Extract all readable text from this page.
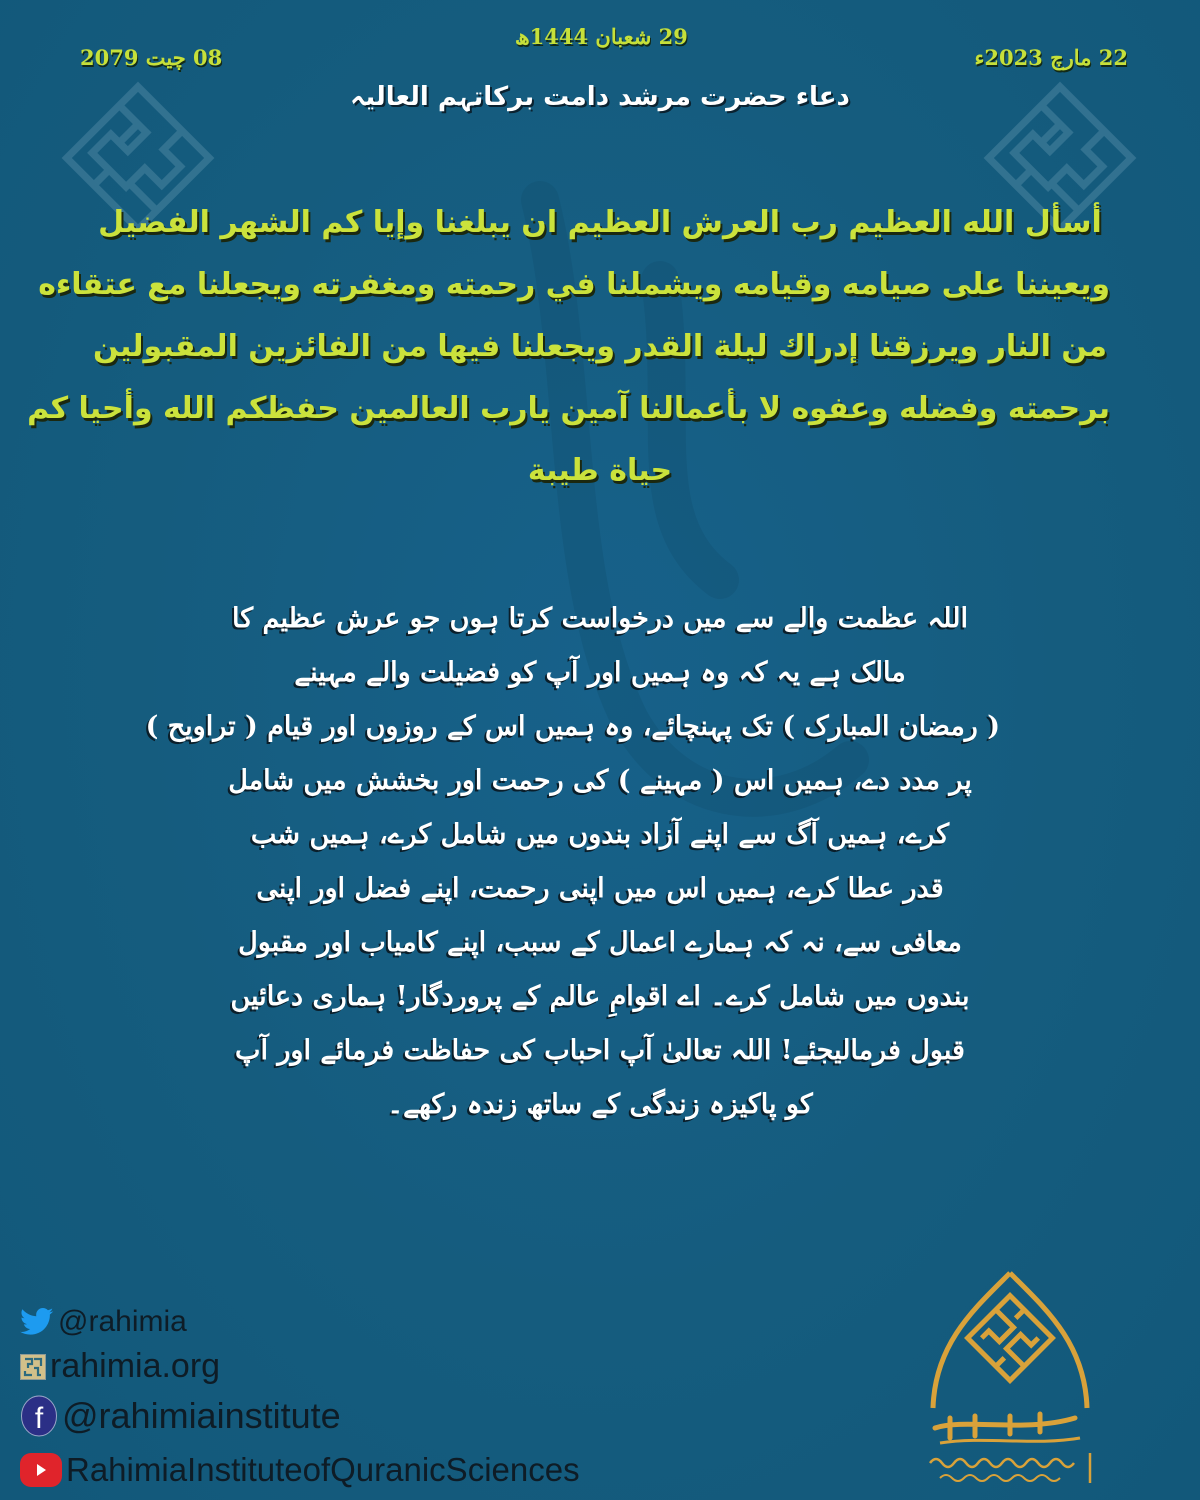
08 چیت 2079
29 شعبان 1444ھ
22 مارچ 2023ء
دعاء حضرت مرشد دامت برکاتہم العالیہ
أسأل الله العظيم رب العرش العظيم ان يبلغنا وإيا كم الشهر الفضيل
ويعيننا على صيامه وقيامه ويشملنا في رحمته ومغفرته ويجعلنا مع عتقاءه
من النار ويرزقنا إدراك ليلة القدر ويجعلنا فيها من الفائزين المقبولين
برحمته وفضله وعفوه لا بأعمالنا آمين يارب العالمين حفظكم الله وأحيا كم
حياة طيبة
اللہ عظمت والے سے میں درخواست کرتا ہوں جو عرش عظیم کا
مالک ہے یہ کہ وہ ہمیں اور آپ کو فضیلت والے مہینے
( رمضان المبارک ) تک پہنچائے، وہ ہمیں اس کے روزوں اور قیام ( تراویح )
پر مدد دے، ہمیں اس ( مہینے ) کی رحمت اور بخشش میں شامل
کرے، ہمیں آگ سے اپنے آزاد بندوں میں شامل کرے، ہمیں شب
قدر عطا کرے، ہمیں اس میں اپنی رحمت، اپنے فضل اور اپنی
معافی سے، نہ کہ ہمارے اعمال کے سبب، اپنے کامیاب اور مقبول
بندوں میں شامل کرے۔ اے اقوامِ عالم کے پروردگار! ہماری دعائیں
قبول فرمالیجئے! اللہ تعالیٰ آپ احباب کی حفاظت فرمائے اور آپ
کو پاکیزہ زندگی کے ساتھ زندہ رکھے۔
@rahimia
rahimia.org
f @rahimiainstitute
RahimiaInstituteofQuranicSciences
